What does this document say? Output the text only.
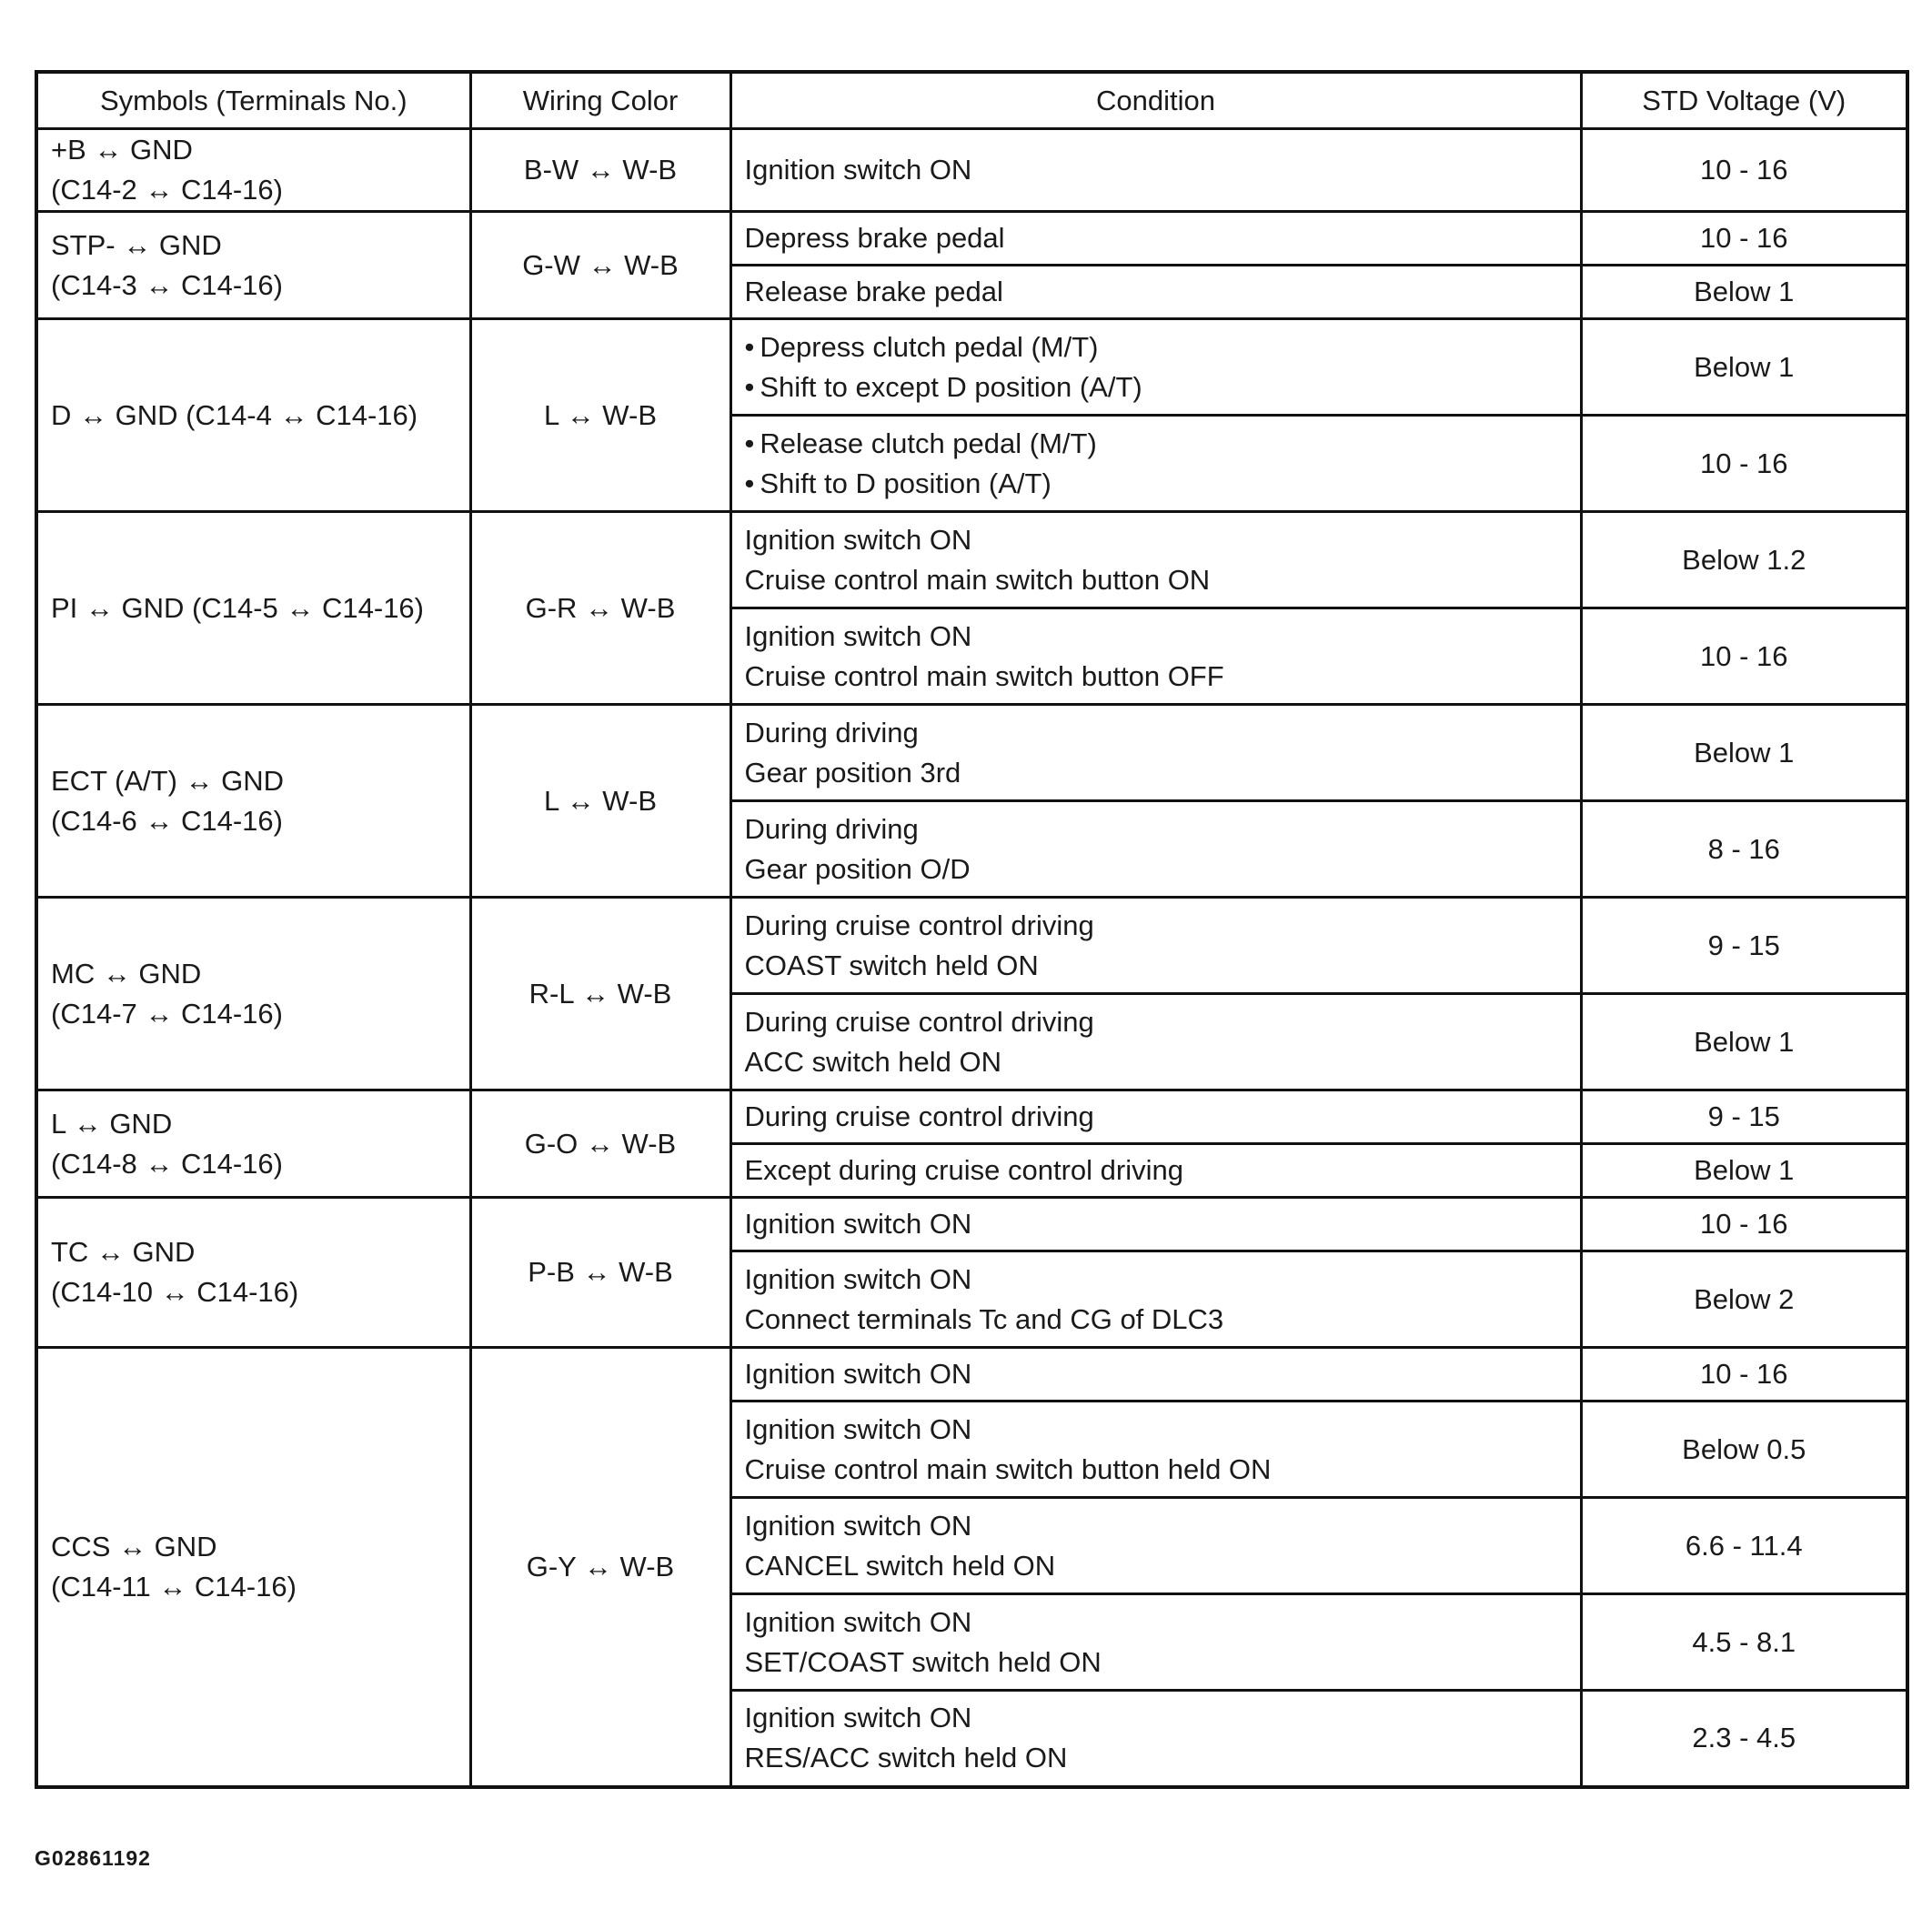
Symbols (Terminals No.)	Wiring Color	Condition	STD Voltage (V)

+B ↔ GND
(C14-2 ↔ C14-16)	B-W ↔ W-B	Ignition switch ON	10 - 16

STP- ↔ GND
(C14-3 ↔ C14-16)	G-W ↔ W-B	Depress brake pedal	10 - 16

		Release brake pedal	Below 1

D ↔ GND (C14-4 ↔ C14-16)	L ↔ W-B	• Depress clutch pedal (M/T)
• Shift to except D position (A/T)	Below 1

		• Release clutch pedal (M/T)
• Shift to D position (A/T)	10 - 16

PI ↔ GND (C14-5 ↔ C14-16)	G-R ↔ W-B	Ignition switch ON
Cruise control main switch button ON	Below 1.2

		Ignition switch ON
Cruise control main switch button OFF	10 - 16

ECT (A/T) ↔ GND
(C14-6 ↔ C14-16)	L ↔ W-B	During driving
Gear position 3rd	Below 1

		During driving
Gear position O/D	8 - 16

MC ↔ GND
(C14-7 ↔ C14-16)	R-L ↔ W-B	During cruise control driving
COAST switch held ON	9 - 15

		During cruise control driving
ACC switch held ON	Below 1

L ↔ GND
(C14-8 ↔ C14-16)	G-O ↔ W-B	During cruise control driving	9 - 15

		Except during cruise control driving	Below 1

TC ↔ GND
(C14-10 ↔ C14-16)	P-B ↔ W-B	Ignition switch ON	10 - 16

		Ignition switch ON
Connect terminals Tc and CG of DLC3	Below 2

CCS ↔ GND
(C14-11 ↔ C14-16)	G-Y ↔ W-B	Ignition switch ON	10 - 16

		Ignition switch ON
Cruise control main switch button held ON	Below 0.5

		Ignition switch ON
CANCEL switch held ON	6.6 - 11.4

		Ignition switch ON
SET/COAST switch held ON	4.5 - 8.1

		Ignition switch ON
RES/ACC switch held ON	2.3 - 4.5
G02861192
